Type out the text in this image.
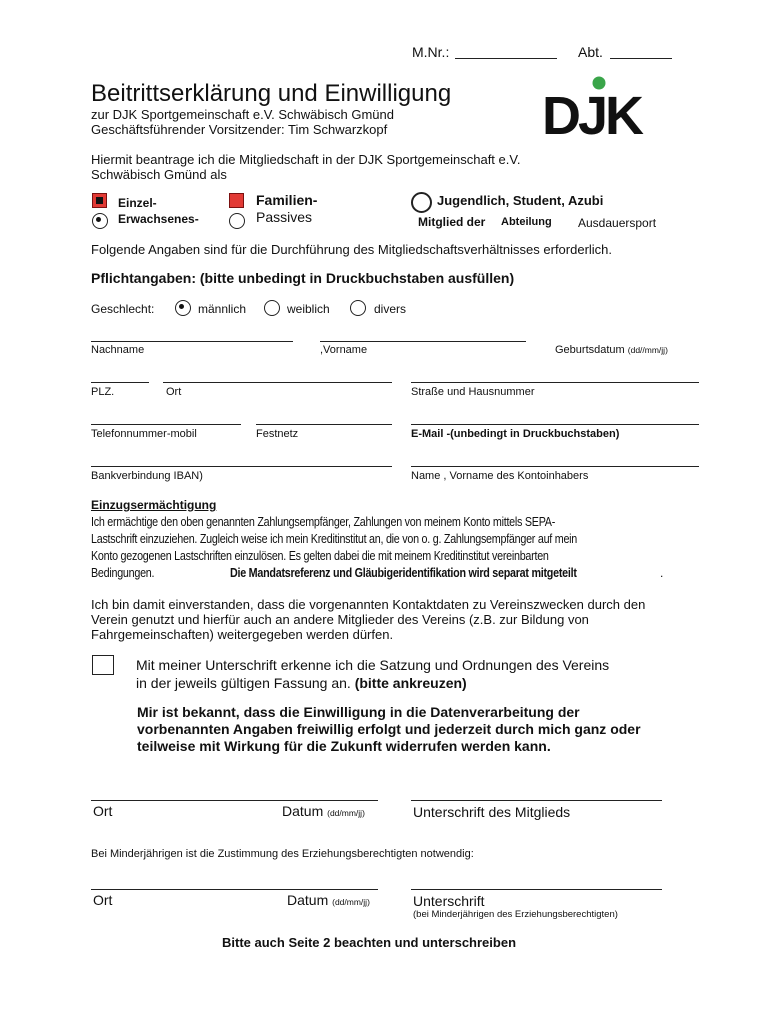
M.Nr.:	Abt.
Beitrittserklärung und Einwilligung
zur DJK Sportgemeinschaft e.V. Schwäbisch Gmünd
Geschäftsführender Vorsitzender: Tim Schwarzkopf	DJK
Hiermit beantrage ich die Mitgliedschaft in der DJK Sportgemeinschaft e.V.
Schwäbisch Gmünd als
Einzel-	Familien-	Jugendlich, Student, Azubi
Erwachsenes-	Passives	Mitglied der Abteilung Ausdauersport
Folgende Angaben sind für die Durchführung des Mitgliedschaftsverhältnisses erforderlich.
Pflichtangaben: (bitte unbedingt in Druckbuchstaben ausfüllen)
Geschlecht:	männlich	weiblich	divers
Nachname	,Vorname	Geburtsdatum (dd//mm/jj)
PLZ.	Ort	Straße und Hausnummer
Telefonnummer-mobil	Festnetz	E-Mail -(unbedingt in Druckbuchstaben)
Bankverbindung IBAN)	Name , Vorname des Kontoinhabers
Einzugsermächtigung
Ich ermächtige den oben genannten Zahlungsempfänger, Zahlungen von meinem Konto mittels SEPA-
Lastschrift einzuziehen. Zugleich weise ich mein Kreditinstitut an, die von o. g. Zahlungsempfänger auf mein
Konto gezogenen Lastschriften einzulösen. Es gelten dabei die mit meinem Kreditinstitut vereinbarten
Bedingungen.	Die Mandatsreferenz und Gläubigeridentifikation wird separat mitgeteilt	.
Ich bin damit einverstanden, dass die vorgenannten Kontaktdaten zu Vereinszwecken durch den
Verein genutzt und hierfür auch an andere Mitglieder des Vereins (z.B. zur Bildung von
Fahrgemeinschaften) weitergegeben werden dürfen.
Mit meiner Unterschrift erkenne ich die Satzung und Ordnungen des Vereins
in der jeweils gültigen Fassung an. (bitte ankreuzen)
Mir ist bekannt, dass die Einwilligung in die Datenverarbeitung der
vorbenannten Angaben freiwillig erfolgt und jederzeit durch mich ganz oder
teilweise mit Wirkung für die Zukunft widerrufen werden kann.
Ort	Datum (dd/mm/jj)	Unterschrift des Mitglieds
Bei Minderjährigen ist die Zustimmung des Erziehungsberechtigten notwendig:
Ort	Datum (dd/mm/jj)	Unterschrift
(bei Minderjährigen des Erziehungsberechtigten)
Bitte auch Seite 2 beachten und unterschreiben
